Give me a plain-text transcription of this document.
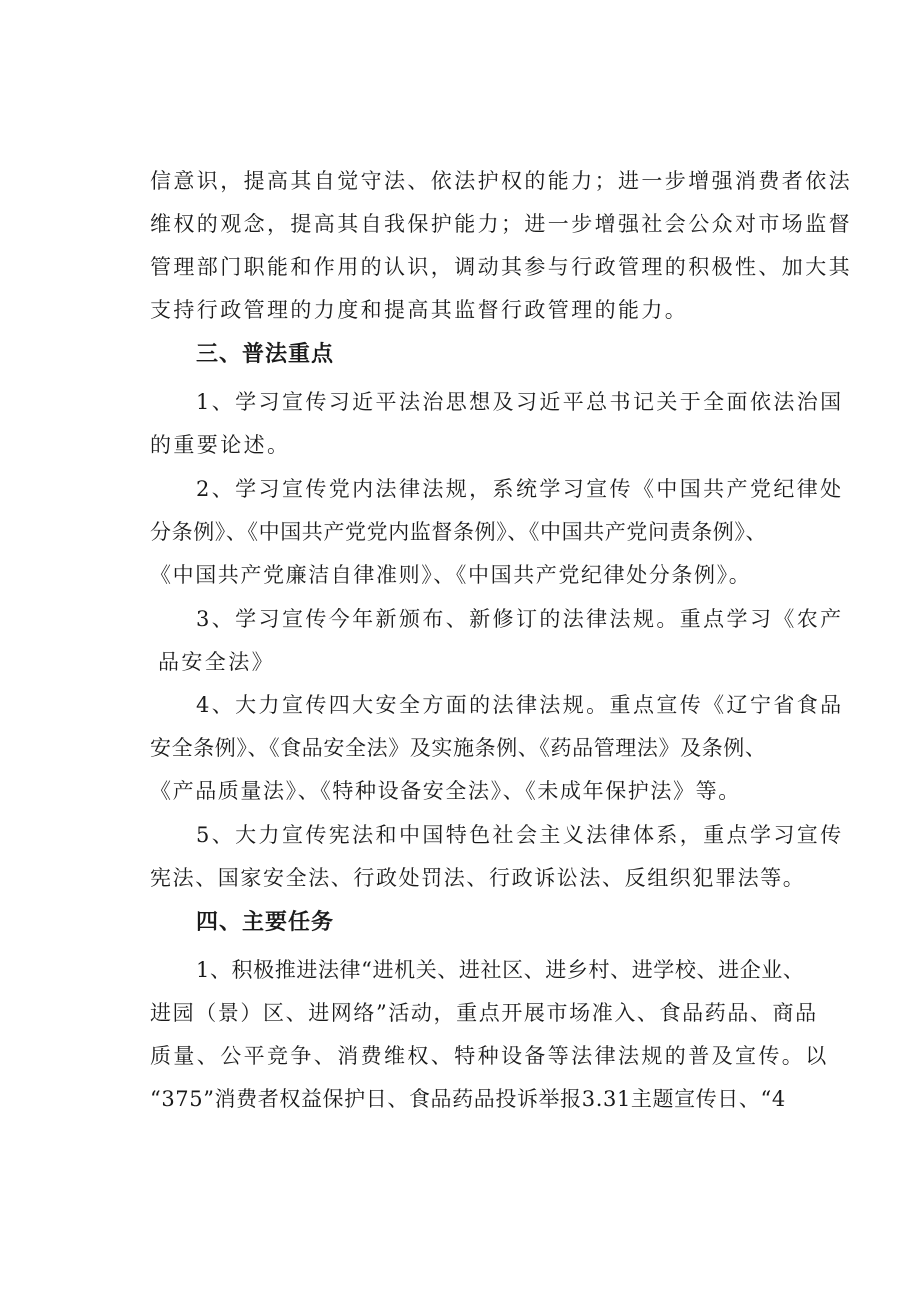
信意识，提高其自觉守法、依法护权的能力；进一步增强消费者依法
维权的观念，提高其自我保护能力；进一步增强社会公众对市场监督
管理部门职能和作用的认识，调动其参与行政管理的积极性、加大其
支持行政管理的力度和提高其监督行政管理的能力。
三、普法重点
1、学习宣传习近平法治思想及习近平总书记关于全面依法治国
的重要论述。
2、学习宣传党内法律法规，系统学习宣传《中国共产党纪律处
分条例》、《中国共产党党内监督条例》、《中国共产党问责条例》、
《中国共产党廉洁自律准则》、《中国共产党纪律处分条例》。
3、学习宣传今年新颁布、新修订的法律法规。重点学习《农产
品安全法》
4、大力宣传四大安全方面的法律法规。重点宣传《辽宁省食品
安全条例》、《食品安全法》及实施条例、《药品管理法》及条例、
《产品质量法》、《特种设备安全法》、《未成年保护法》等。
5、大力宣传宪法和中国特色社会主义法律体系，重点学习宣传
宪法、国家安全法、行政处罚法、行政诉讼法、反组织犯罪法等。
四、主要任务
1、积极推进法律“进机关、进社区、进乡村、进学校、进企业、
进园（景）区、进网络”活动，重点开展市场准入、食品药品、商品
质量、公平竞争、消费维权、特种设备等法律法规的普及宣传。以
“375”消费者权益保护日、食品药品投诉举报3.31主题宣传日、“4
